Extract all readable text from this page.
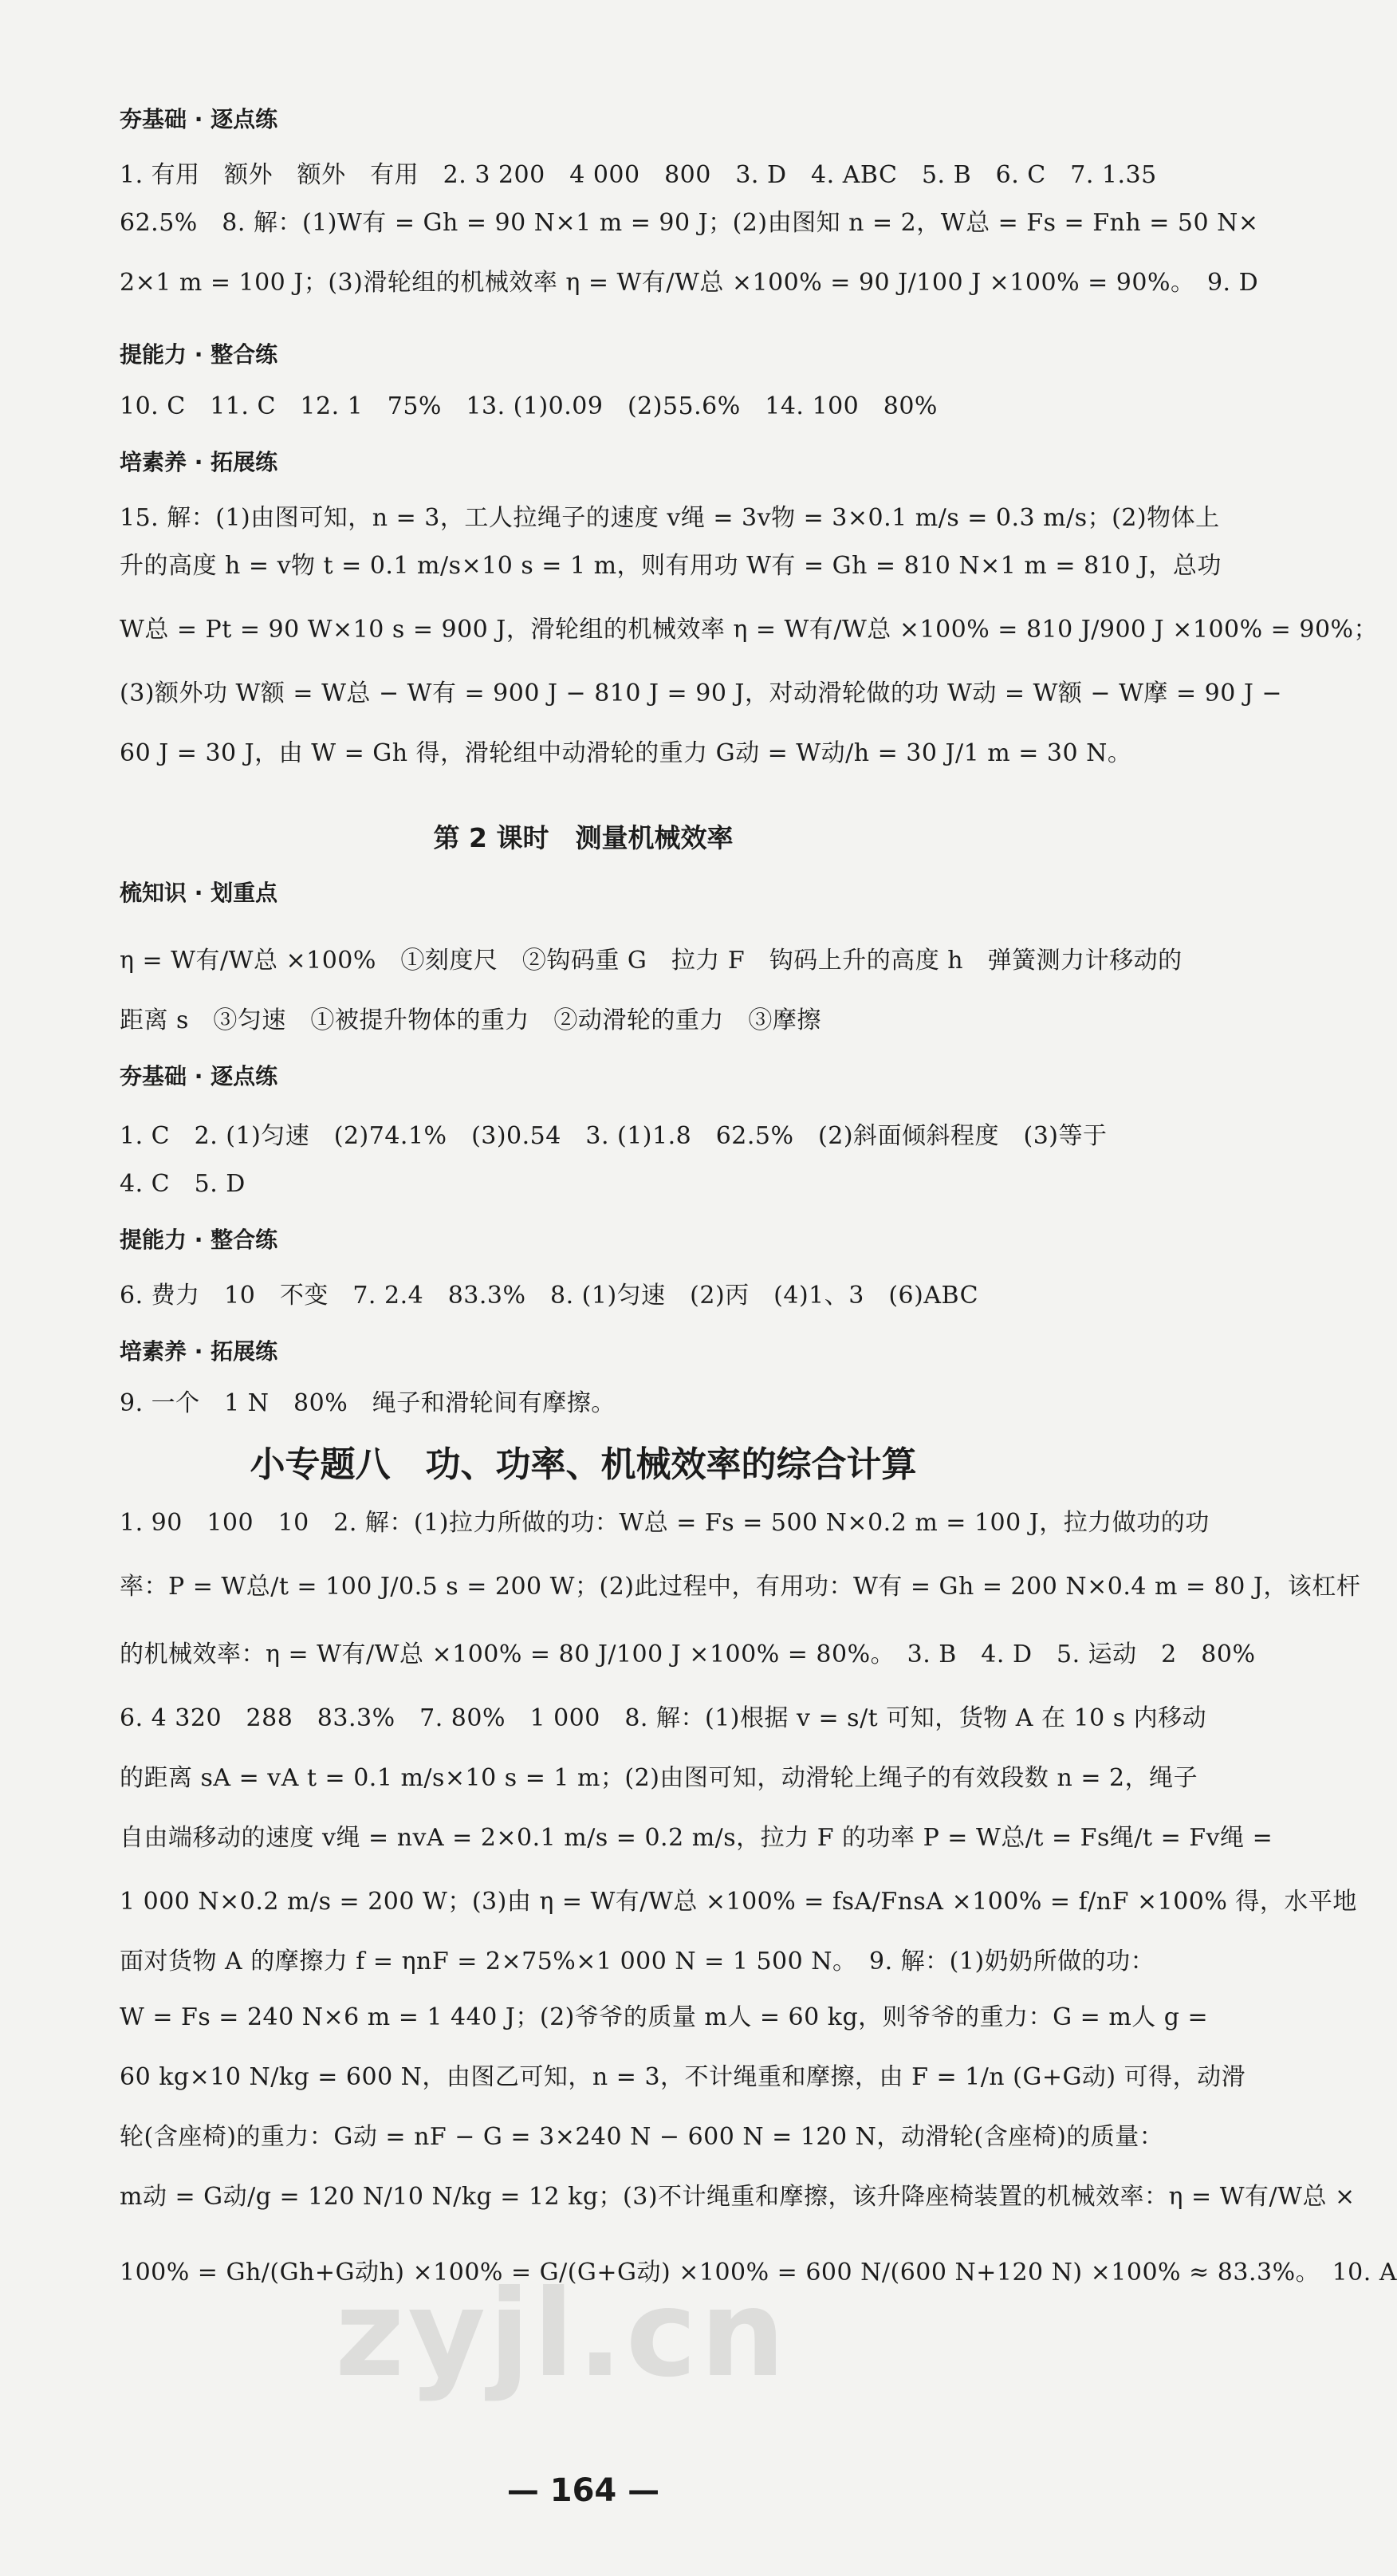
夯基础 · 逐点练
1. 有用　额外　额外　有用　2. 3 200　4 000　800　3. D　4. ABC　5. B　6. C　7. 1.35
62.5%　8. 解：(1)W有 = Gh = 90 N×1 m = 90 J；(2)由图知 n = 2，W总 = Fs = Fnh = 50 N×
2×1 m = 100 J；(3)滑轮组的机械效率 η = W有/W总 ×100% = 90 J/100 J ×100% = 90%。　9. D
提能力 · 整合练
10. C　11. C　12. 1　75%　13. (1)0.09　(2)55.6%　14. 100　80%
培素养 · 拓展练
15. 解：(1)由图可知，n = 3，工人拉绳子的速度 v绳 = 3v物 = 3×0.1 m/s = 0.3 m/s；(2)物体上
升的高度 h = v物 t = 0.1 m/s×10 s = 1 m，则有用功 W有 = Gh = 810 N×1 m = 810 J，总功
W总 = Pt = 90 W×10 s = 900 J，滑轮组的机械效率 η = W有/W总 ×100% = 810 J/900 J ×100% = 90%；
(3)额外功 W额 = W总 − W有 = 900 J − 810 J = 90 J，对动滑轮做的功 W动 = W额 − W摩 = 90 J −
60 J = 30 J，由 W = Gh 得，滑轮组中动滑轮的重力 G动 = W动/h = 30 J/1 m = 30 N。
第 2 课时　测量机械效率
梳知识 · 划重点
η = W有/W总 ×100%　①刻度尺　②钩码重 G　拉力 F　钩码上升的高度 h　弹簧测力计移动的
距离 s　③匀速　①被提升物体的重力　②动滑轮的重力　③摩擦
夯基础 · 逐点练
1. C　2. (1)匀速　(2)74.1%　(3)0.54　3. (1)1.8　62.5%　(2)斜面倾斜程度　(3)等于
4. C　5. D
提能力 · 整合练
6. 费力　10　不变　7. 2.4　83.3%　8. (1)匀速　(2)丙　(4)1、3　(6)ABC
培素养 · 拓展练
9. 一个　1 N　80%　绳子和滑轮间有摩擦。
小专题八　功、功率、机械效率的综合计算
1. 90　100　10　2. 解：(1)拉力所做的功：W总 = Fs = 500 N×0.2 m = 100 J，拉力做功的功
率：P = W总/t = 100 J/0.5 s = 200 W；(2)此过程中，有用功：W有 = Gh = 200 N×0.4 m = 80 J，该杠杆
的机械效率：η = W有/W总 ×100% = 80 J/100 J ×100% = 80%。　3. B　4. D　5. 运动　2　80%
6. 4 320　288　83.3%　7. 80%　1 000　8. 解：(1)根据 v = s/t 可知，货物 A 在 10 s 内移动
的距离 sA = vA t = 0.1 m/s×10 s = 1 m；(2)由图可知，动滑轮上绳子的有效段数 n = 2，绳子
自由端移动的速度 v绳 = nvA = 2×0.1 m/s = 0.2 m/s，拉力 F 的功率 P = W总/t = Fs绳/t = Fv绳 =
1 000 N×0.2 m/s = 200 W；(3)由 η = W有/W总 ×100% = fsA/FnsA ×100% = f/nF ×100% 得，水平地
面对货物 A 的摩擦力 f = ηnF = 2×75%×1 000 N = 1 500 N。　9. 解：(1)奶奶所做的功：
W = Fs = 240 N×6 m = 1 440 J；(2)爷爷的质量 m人 = 60 kg，则爷爷的重力：G = m人 g =
60 kg×10 N/kg = 600 N，由图乙可知，n = 3，不计绳重和摩擦，由 F = 1/n (G+G动) 可得，动滑
轮(含座椅)的重力：G动 = nF − G = 3×240 N − 600 N = 120 N，动滑轮(含座椅)的质量：
m动 = G动/g = 120 N/10 N/kg = 12 kg；(3)不计绳重和摩擦，该升降座椅装置的机械效率：η = W有/W总 ×
100% = Gh/(Gh+G动h) ×100% = G/(G+G动) ×100% = 600 N/(600 N+120 N) ×100% ≈ 83.3%。　10. A
zyjl.cn
— 164 —
